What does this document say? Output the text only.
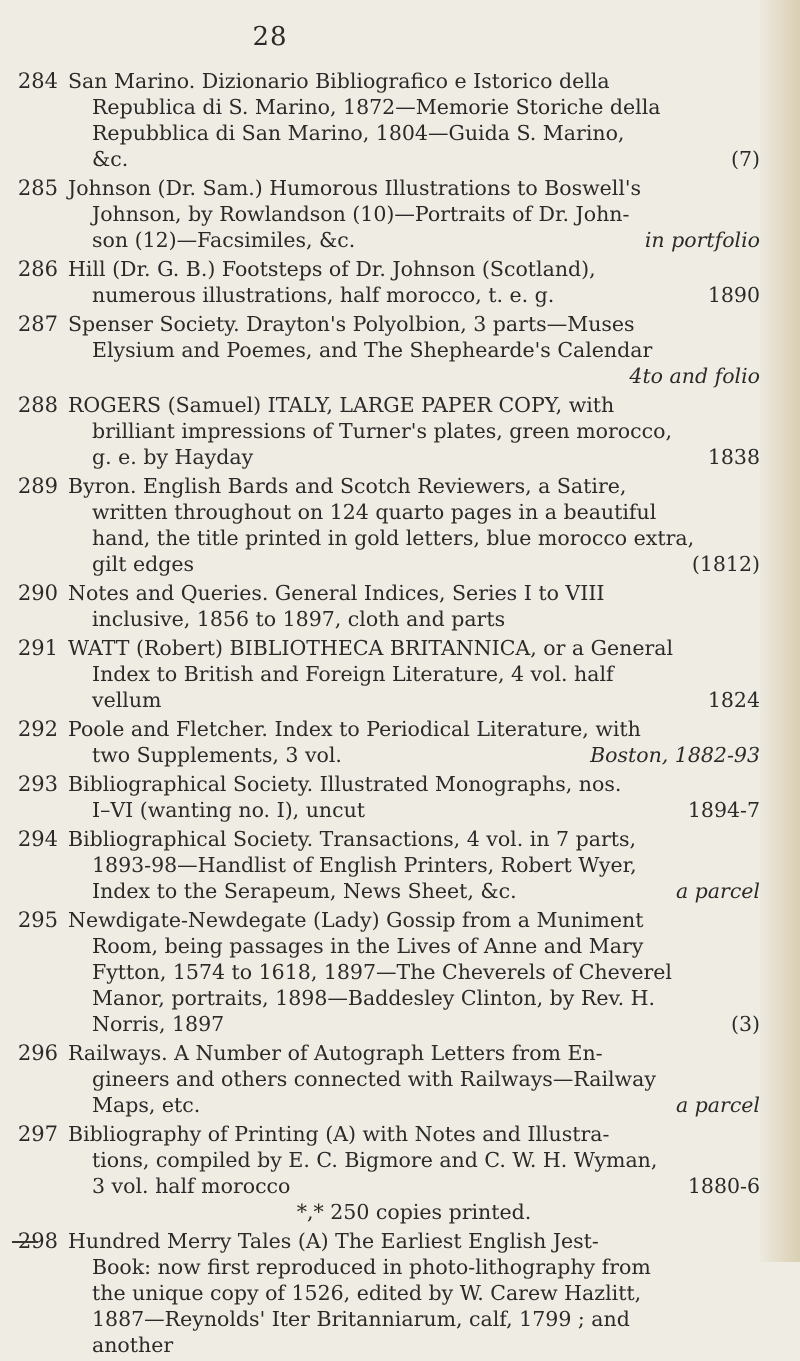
28
284 San Marino. Dizionario Bibliografico e Istorico della
Republica di S. Marino, 1872—Memorie Storiche della
Repubblica di San Marino, 1804—Guida S. Marino,
&c.	(7)
285 Johnson (Dr. Sam.) Humorous Illustrations to Boswell's
Johnson, by Rowlandson (10)—Portraits of Dr. John-
son (12)—Facsimiles, &c.	in portfolio
286 Hill (Dr. G. B.) Footsteps of Dr. Johnson (Scotland),
numerous illustrations, half morocco, t. e. g.	1890
287 Spenser Society. Drayton's Polyolbion, 3 parts—Muses
Elysium and Poemes, and The Shephearde's Calendar
4to and folio
288 ROGERS (Samuel) ITALY, LARGE PAPER COPY, with
brilliant impressions of Turner's plates, green morocco,
g. e. by Hayday	1838
289 Byron. English Bards and Scotch Reviewers, a Satire,
written throughout on 124 quarto pages in a beautiful
hand, the title printed in gold letters, blue morocco extra,
gilt edges	(1812)
290 Notes and Queries. General Indices, Series I to VIII
inclusive, 1856 to 1897, cloth and parts
291 WATT (Robert) BIBLIOTHECA BRITANNICA, or a General
Index to British and Foreign Literature, 4 vol. half
vellum	1824
292 Poole and Fletcher. Index to Periodical Literature, with
two Supplements, 3 vol.	Boston, 1882-93
293 Bibliographical Society. Illustrated Monographs, nos.
I–VI (wanting no. I), uncut	1894-7
294 Bibliographical Society. Transactions, 4 vol. in 7 parts,
1893-98—Handlist of English Printers, Robert Wyer,
Index to the Serapeum, News Sheet, &c.	a parcel
295 Newdigate-Newdegate (Lady) Gossip from a Muniment
Room, being passages in the Lives of Anne and Mary
Fytton, 1574 to 1618, 1897—The Cheverels of Cheverel
Manor, portraits, 1898—Baddesley Clinton, by Rev. H.
Norris, 1897	(3)
296 Railways. A Number of Autograph Letters from En-
gineers and others connected with Railways—Railway
Maps, etc.	a parcel
297 Bibliography of Printing (A) with Notes and Illustra-
tions, compiled by E. C. Bigmore and C. W. H. Wyman,
3 vol. half morocco	1880-6
*,* 250 copies printed.
298 Hundred Merry Tales (A) The Earliest English Jest-
Book: now first reproduced in photo-lithography from
the unique copy of 1526, edited by W. Carew Hazlitt,
1887—Reynolds' Iter Britanniarum, calf, 1799 ; and
another
